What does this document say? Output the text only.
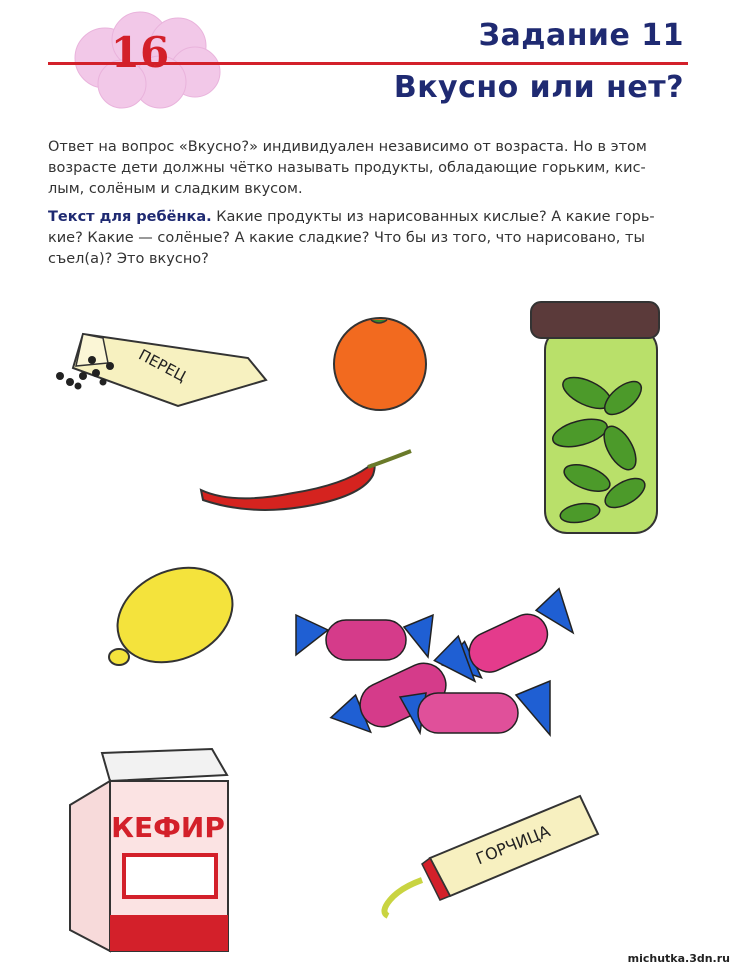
16	Задание 11
Вкусно или нет?
Ответ на вопрос «Вкусно?» индивидуален независимо от возраста. Но в этом
возрасте дети должны чётко называть продукты, обладающие горьким, кис-
лым, солёным и сладким вкусом.
Текст для ребёнка. Какие продукты из нарисованных кислые? А какие горь-
кие? Какие — солёные? А какие сладкие? Что бы из того, что нарисовано, ты
съел(а)? Это вкусно?
ПЕРЕЦ
КЕФИР	ГОРЧИЦА
michutka.3dn.ru
